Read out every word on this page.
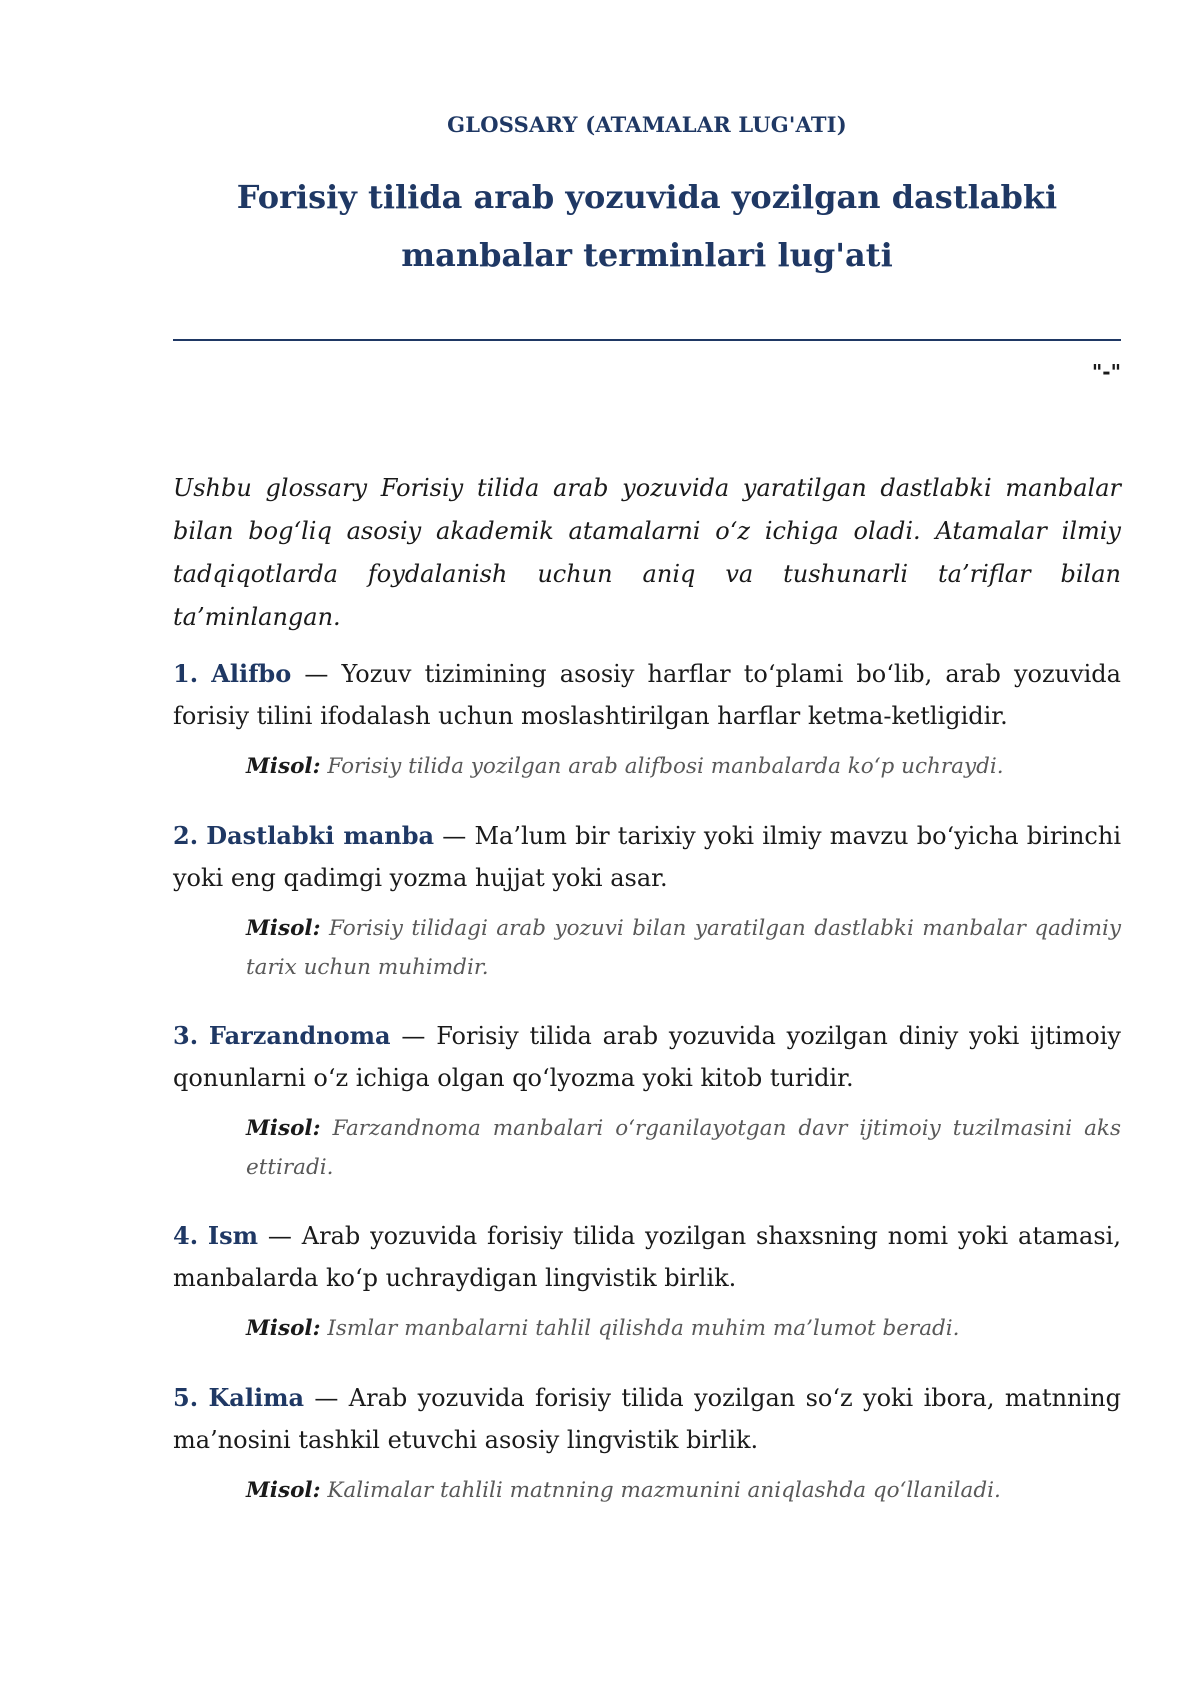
GLOSSARY (ATAMALAR LUG'ATI)
Forisiy tilida arab yozuvida yozilgan dastlabki manbalar terminlari lug'ati
"-"

Ushbu glossary Forisiy tilida arab yozuvida yaratilgan dastlabki manbalar bilan bog‘liq asosiy akademik atamalarni o‘z ichiga oladi. Atamalar ilmiy tadqiqotlarda foydalanish uchun aniq va tushunarli ta’riflar bilan ta’minlangan.

1. Alifbo — Yozuv tizimining asosiy harflar to‘plami bo‘lib, arab yozuvida forisiy tilini ifodalash uchun moslashtirilgan harflar ketma-ketligidir.

Misol: Forisiy tilida yozilgan arab alifbosi manbalarda ko‘p uchraydi.

2. Dastlabki manba — Ma’lum bir tarixiy yoki ilmiy mavzu bo‘yicha birinchi yoki eng qadimgi yozma hujjat yoki asar.

Misol: Forisiy tilidagi arab yozuvi bilan yaratilgan dastlabki manbalar qadimiy tarix uchun muhimdir.

3. Farzandnoma — Forisiy tilida arab yozuvida yozilgan diniy yoki ijtimoiy qonunlarni o‘z ichiga olgan qo‘lyozma yoki kitob turidir.

Misol: Farzandnoma manbalari o‘rganilayotgan davr ijtimoiy tuzilmasini aks ettiradi.

4. Ism — Arab yozuvida forisiy tilida yozilgan shaxsning nomi yoki atamasi, manbalarda ko‘p uchraydigan lingvistik birlik.

Misol: Ismlar manbalarni tahlil qilishda muhim ma’lumot beradi.

5. Kalima — Arab yozuvida forisiy tilida yozilgan so‘z yoki ibora, matnning ma’nosini tashkil etuvchi asosiy lingvistik birlik.

Misol: Kalimalar tahlili matnning mazmunini aniqlashda qo‘llaniladi.
